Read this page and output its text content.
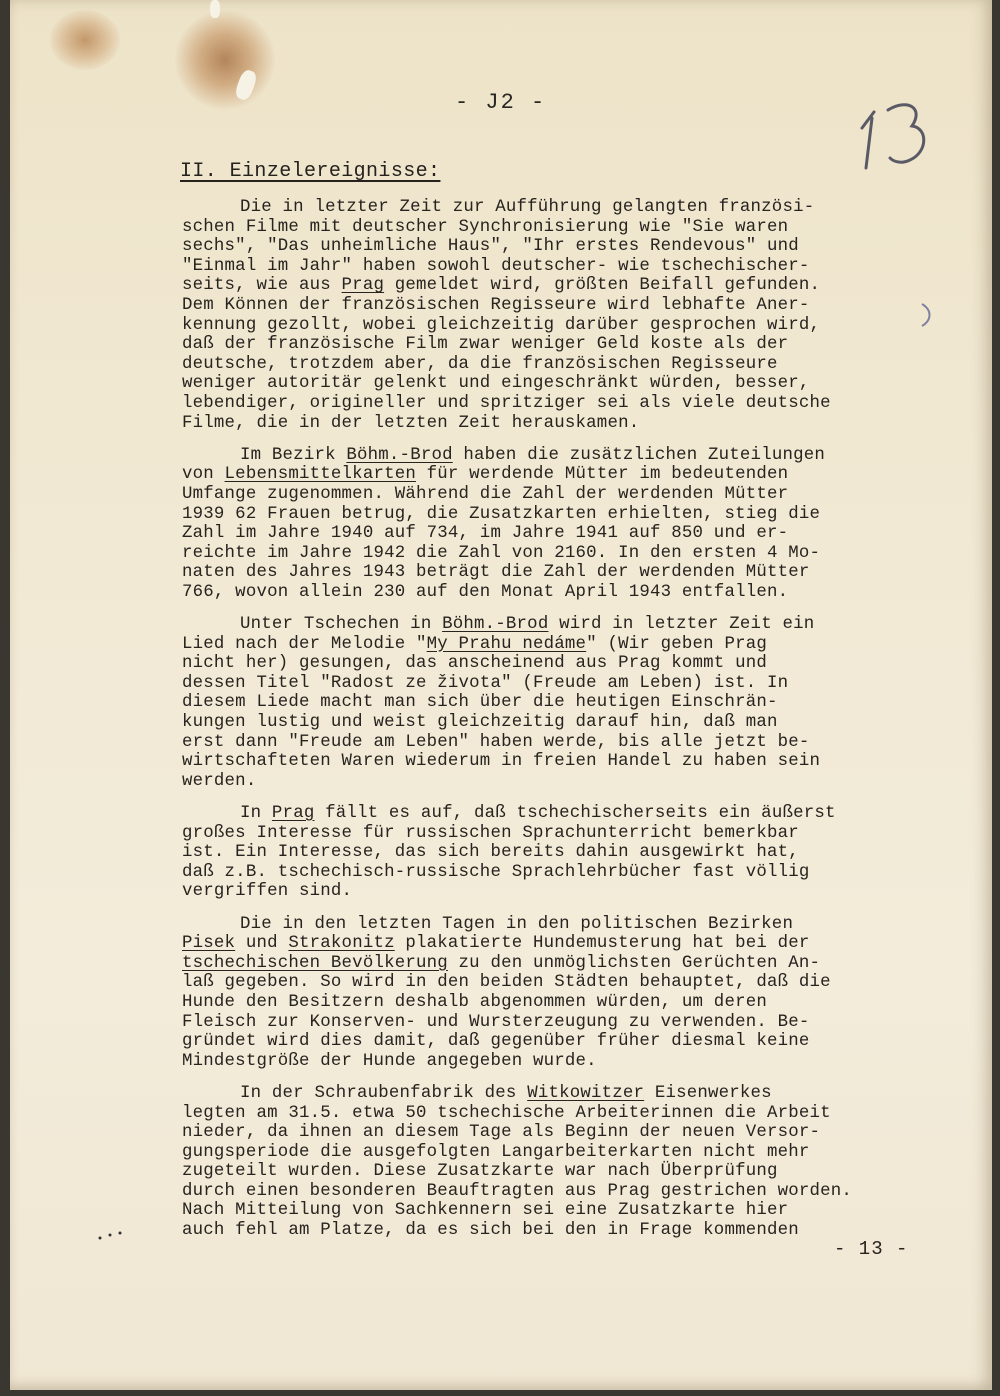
- J2 -
II. Einzelereignisse:
Die in letzter Zeit zur Aufführung gelangten französi-
schen Filme mit deutscher Synchronisierung wie "Sie waren
sechs", "Das unheimliche Haus", "Ihr erstes Rendevous" und
"Einmal im Jahr" haben sowohl deutscher- wie tschechischer-
seits, wie aus Prag gemeldet wird, größten Beifall gefunden.
Dem Können der französischen Regisseure wird lebhafte Aner-
kennung gezollt, wobei gleichzeitig darüber gesprochen wird,
daß der französische Film zwar weniger Geld koste als der
deutsche, trotzdem aber, da die französischen Regisseure
weniger autoritär gelenkt und eingeschränkt würden, besser,
lebendiger, origineller und spritziger sei als viele deutsche
Filme, die in der letzten Zeit herauskamen.
Im Bezirk Böhm.-Brod haben die zusätzlichen Zuteilungen
von Lebensmittelkarten für werdende Mütter im bedeutenden
Umfange zugenommen. Während die Zahl der werdenden Mütter
1939 62 Frauen betrug, die Zusatzkarten erhielten, stieg die
Zahl im Jahre 1940 auf 734, im Jahre 1941 auf 850 und er-
reichte im Jahre 1942 die Zahl von 2160. In den ersten 4 Mo-
naten des Jahres 1943 beträgt die Zahl der werdenden Mütter
766, wovon allein 230 auf den Monat April 1943 entfallen.
Unter Tschechen in Böhm.-Brod wird in letzter Zeit ein
Lied nach der Melodie "My Prahu nedáme" (Wir geben Prag
nicht her) gesungen, das anscheinend aus Prag kommt und
dessen Titel "Radost ze života" (Freude am Leben) ist. In
diesem Liede macht man sich über die heutigen Einschrän-
kungen lustig und weist gleichzeitig darauf hin, daß man
erst dann "Freude am Leben" haben werde, bis alle jetzt be-
wirtschafteten Waren wiederum in freien Handel zu haben sein
werden.
In Prag fällt es auf, daß tschechischerseits ein äußerst
großes Interesse für russischen Sprachunterricht bemerkbar
ist. Ein Interesse, das sich bereits dahin ausgewirkt hat,
daß z.B. tschechisch-russische Sprachlehrbücher fast völlig
vergriffen sind.
Die in den letzten Tagen in den politischen Bezirken
Pisek und Strakonitz plakatierte Hundemusterung hat bei der
tschechischen Bevölkerung zu den unmöglichsten Gerüchten An-
laß gegeben. So wird in den beiden Städten behauptet, daß die
Hunde den Besitzern deshalb abgenommen würden, um deren
Fleisch zur Konserven- und Wursterzeugung zu verwenden. Be-
gründet wird dies damit, daß gegenüber früher diesmal keine
Mindestgröße der Hunde angegeben wurde.
In der Schraubenfabrik des Witkowitzer Eisenwerkes
legten am 31.5. etwa 50 tschechische Arbeiterinnen die Arbeit
nieder, da ihnen an diesem Tage als Beginn der neuen Versor-
gungsperiode die ausgefolgten Langarbeiterkarten nicht mehr
zugeteilt wurden. Diese Zusatzkarte war nach Überprüfung
durch einen besonderen Beauftragten aus Prag gestrichen worden.
Nach Mitteilung von Sachkennern sei eine Zusatzkarte hier
auch fehl am Platze, da es sich bei den in Frage kommenden
- 13 -
